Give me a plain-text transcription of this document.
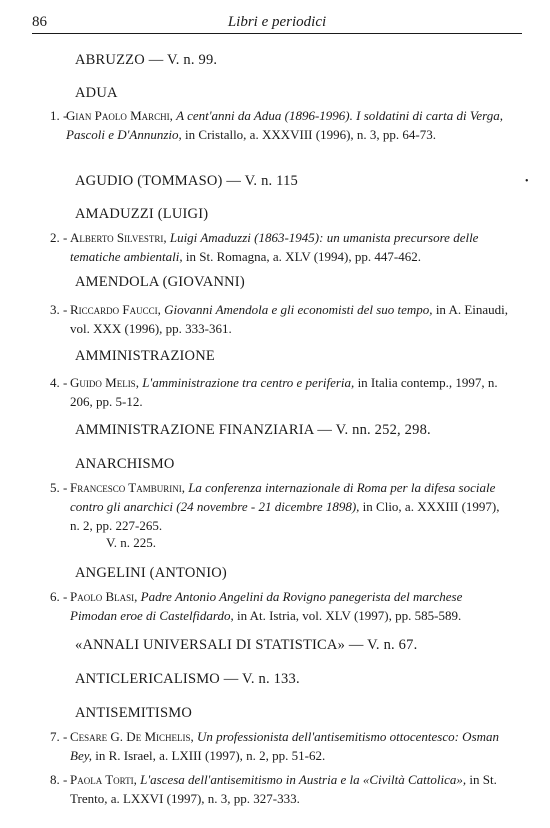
86	Libri e periodici
ABRUZZO — V. n. 99.
ADUA
1. -
Gian Paolo Marchi, A cent'anni da Adua (1896-1996). I soldatini di carta di Verga, Pascoli e D'Annunzio, in Cristallo, a. XXXVIII (1996), n. 3, pp. 64-73.
AGUDIO (TOMMASO) — V. n. 115	•
AMADUZZI (LUIGI)
2. - Alberto Silvestri, Luigi Amaduzzi (1863-1945): un umanista precursore delle tematiche ambientali, in St. Romagna, a. XLV (1994), pp. 447-462.
AMENDOLA (GIOVANNI)
3. - Riccardo Faucci, Giovanni Amendola e gli economisti del suo tempo, in A. Einaudi, vol. XXX (1996), pp. 333-361.
AMMINISTRAZIONE
4. - Guido Melis, L'amministrazione tra centro e periferia, in Italia contemp., 1997, n. 206, pp. 5-12.
AMMINISTRAZIONE FINANZIARIA — V. nn. 252, 298.
ANARCHISMO
5. - Francesco Tamburini, La conferenza internazionale di Roma per la difesa sociale contro gli anarchici (24 novembre - 21 dicembre 1898), in Clio, a. XXXIII (1997), n. 2, pp. 227-265.
V. n. 225.
ANGELINI (ANTONIO)
6. - Paolo Blasi, Padre Antonio Angelini da Rovigno panegerista del marchese Pimodan eroe di Castelfidardo, in At. Istria, vol. XLV (1997), pp. 585-589.
«ANNALI UNIVERSALI DI STATISTICA» — V. n. 67.
ANTICLERICALISMO — V. n. 133.
ANTISEMITISMO
7. - Cesare G. De Michelis, Un professionista dell'antisemitismo ottocentesco: Osman Bey, in R. Israel, a. LXIII (1997), n. 2, pp. 51-62.
8. - Paola Torti, L'ascesa dell'antisemitismo in Austria e la «Civiltà Cattolica», in St. Trento, a. LXXVI (1997), n. 3, pp. 327-333.
